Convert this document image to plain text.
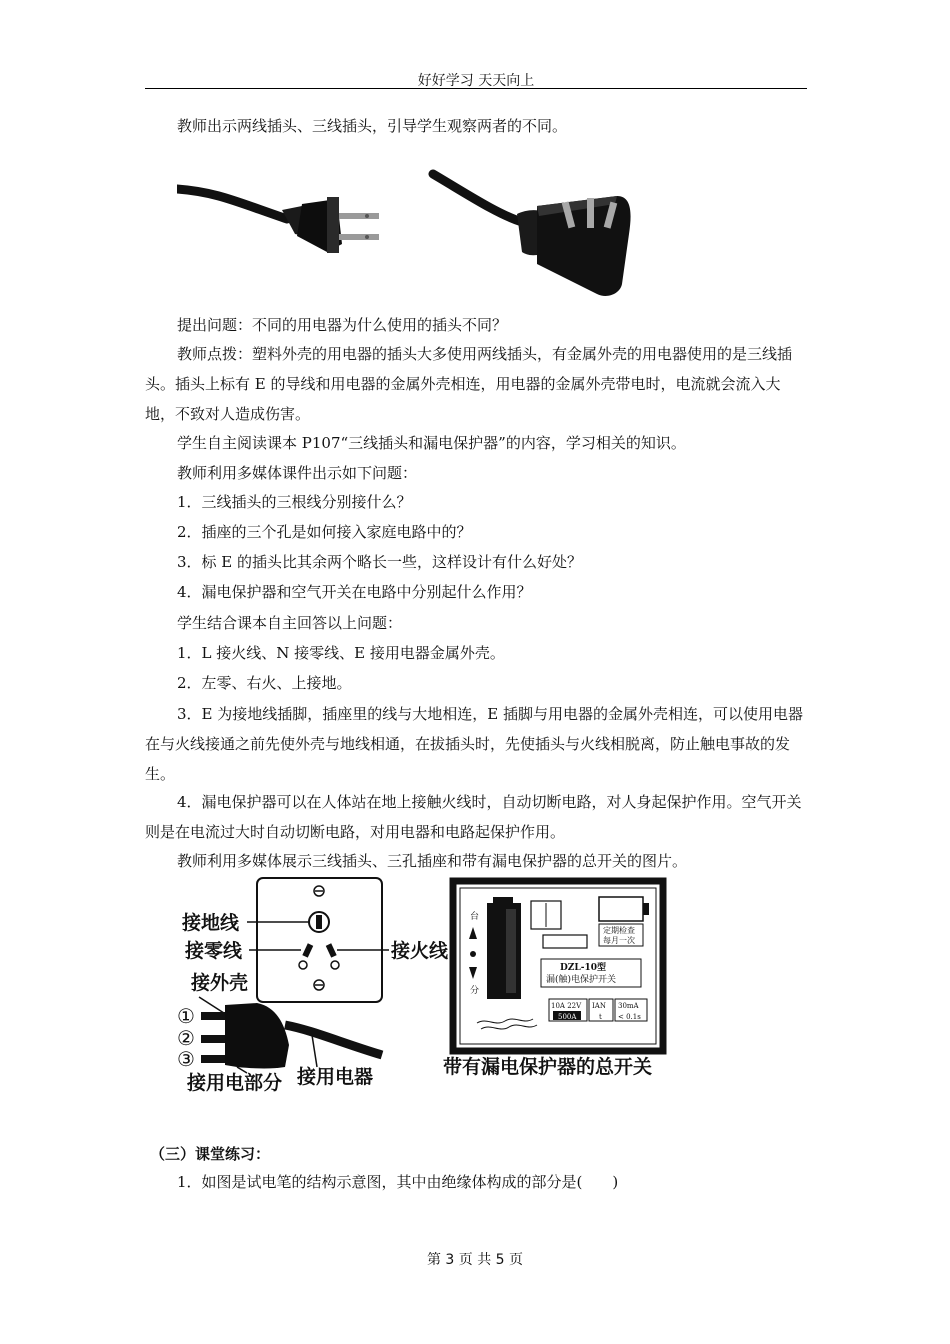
好好学习 天天向上
教师出示两线插头、三线插头，引导学生观察两者的不同。
提出问题：不同的用电器为什么使用的插头不同？
教师点拨：塑料外壳的用电器的插头大多使用两线插头，有金属外壳的用电器使用的是三线插头。插头上标有 E 的导线和用电器的金属外壳相连，用电器的金属外壳带电时，电流就会流入大地，不致对人造成伤害。
学生自主阅读课本 P107“三线插头和漏电保护器”的内容，学习相关的知识。
教师利用多媒体课件出示如下问题：
1．三线插头的三根线分别接什么？
2．插座的三个孔是如何接入家庭电路中的？
3．标 E 的插头比其余两个略长一些，这样设计有什么好处？
4．漏电保护器和空气开关在电路中分别起什么作用？
学生结合课本自主回答以上问题：
1．L 接火线、N 接零线、E 接用电器金属外壳。
2．左零、右火、上接地。
3．E 为接地线插脚，插座里的线与大地相连，E 插脚与用电器的金属外壳相连，可以使用电器在与火线接通之前先使外壳与地线相通，在拔插头时，先使插头与火线相脱离，防止触电事故的发生。
4．漏电保护器可以在人体站在地上接触火线时，自动切断电路，对人身起保护作用。空气开关则是在电流过大时自动切断电路，对用电器和电路起保护作用。
教师利用多媒体展示三线插头、三孔插座和带有漏电保护器的总开关的图片。
接地线
接零线	接火线
接外壳
①
②
③
接用电部分 接用电器
台
分
定期检查
每月一次
DZL-10型
漏(触)电保护开关
10A 22V
500A
IAN
t
30mA
< 0.1s
带有漏电保护器的总开关
（三）课堂练习：
1．如图是试电笔的结构示意图，其中由绝缘体构成的部分是(　　)
第 3 页 共 5 页
